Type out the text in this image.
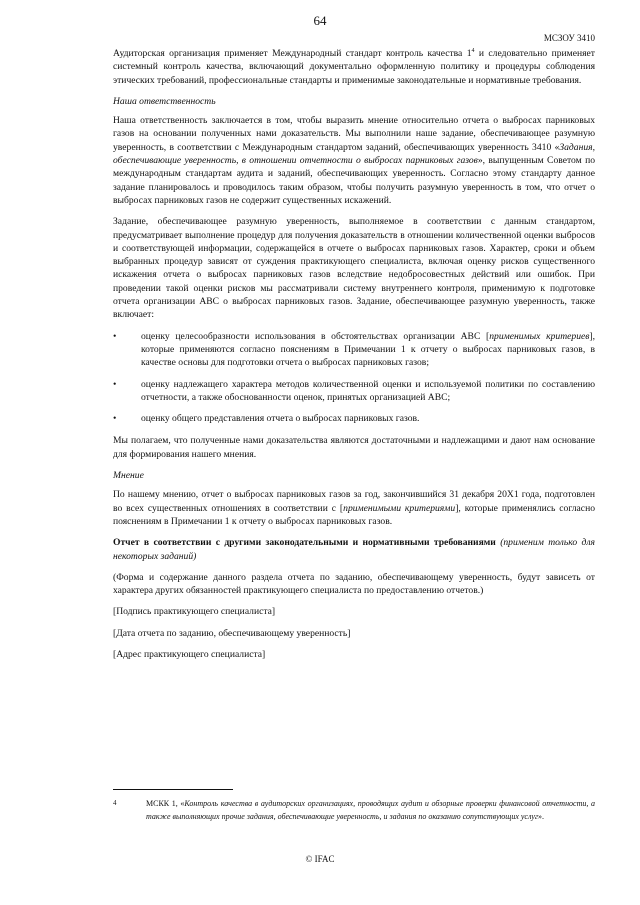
64
МСЗОУ 3410

Аудиторская организация применяет Международный стандарт контроль качества $1^4$ и следовательно применяет системный контроль качества, включающий документально оформленную политику и процедуры соблюдения этических требований, профессиональные стандарты и применимые законодательные и нормативные требования.

Наша ответственность

Наша ответственность заключается в том, чтобы выразить мнение относительно отчета о выбросах парниковых газов на основании полученных нами доказательств. Мы выполнили наше задание, обеспечивающее разумную уверенность, в соответствии с Международным стандартом заданий, обеспечивающих уверенность 3410 «Задания, обеспечивающие уверенность, в отношении отчетности о выбросах парниковых газов», выпущенным Советом по международным стандартам аудита и заданий, обеспечивающих уверенность. Согласно этому стандарту данное задание планировалось и проводилось таким образом, чтобы получить разумную уверенность в том, что отчет о выбросах парниковых газов не содержит существенных искажений.

Задание, обеспечивающее разумную уверенность, выполняемое в соответствии с данным стандартом, предусматривает выполнение процедур для получения доказательств в отношении количественной оценки выбросов и соответствующей информации, содержащейся в отчете о выбросах парниковых газов. Характер, сроки и объем выбранных процедур зависят от суждения практикующего специалиста, включая оценку рисков существенного искажения отчета о выбросах парниковых газов вследствие недобросовестных действий или ошибок. При проведении такой оценки рисков мы рассматривали систему внутреннего контроля, применимую к подготовке отчета организации ABC о выбросах парниковых газов. Задание, обеспечивающее разумную уверенность, также включает:

•	оценку целесообразности использования в обстоятельствах организации ABC [применимых критериев], которые применяются согласно пояснениям в Примечании 1 к отчету о выбросах парниковых газов, в качестве основы для подготовки отчета о выбросах парниковых газов;
•	оценку надлежащего характера методов количественной оценки и используемой политики по составлению отчетности, а также обоснованности оценок, принятых организацией ABC;
•	оценку общего представления отчета о выбросах парниковых газов.

Мы полагаем, что полученные нами доказательства являются достаточными и надлежащими и дают нам основание для формирования нашего мнения.

Мнение

По нашему мнению, отчет о выбросах парниковых газов за год, закончившийся 31 декабря 20X1 года, подготовлен во всех существенных отношениях в соответствии с [применимыми критериями], которые применялись согласно пояснениям в Примечании 1 к отчету о выбросах парниковых газов.

Отчет в соответствии с другими законодательными и нормативными требованиями (применим только для некоторых заданий)

(Форма и содержание данного раздела отчета по заданию, обеспечивающему уверенность, будут зависеть от характера других обязанностей практикующего специалиста по предоставлению отчетов.)

[Подпись практикующего специалиста]

[Дата отчета по заданию, обеспечивающему уверенность]

[Адрес практикующего специалиста]

4	МСКК 1, «Контроль качества в аудиторских организациях, проводящих аудит и обзорные проверки финансовой отчетности, а также выполняющих прочие задания, обеспечивающие уверенность, и задания по оказанию сопутствующих услуг».
© IFAC
